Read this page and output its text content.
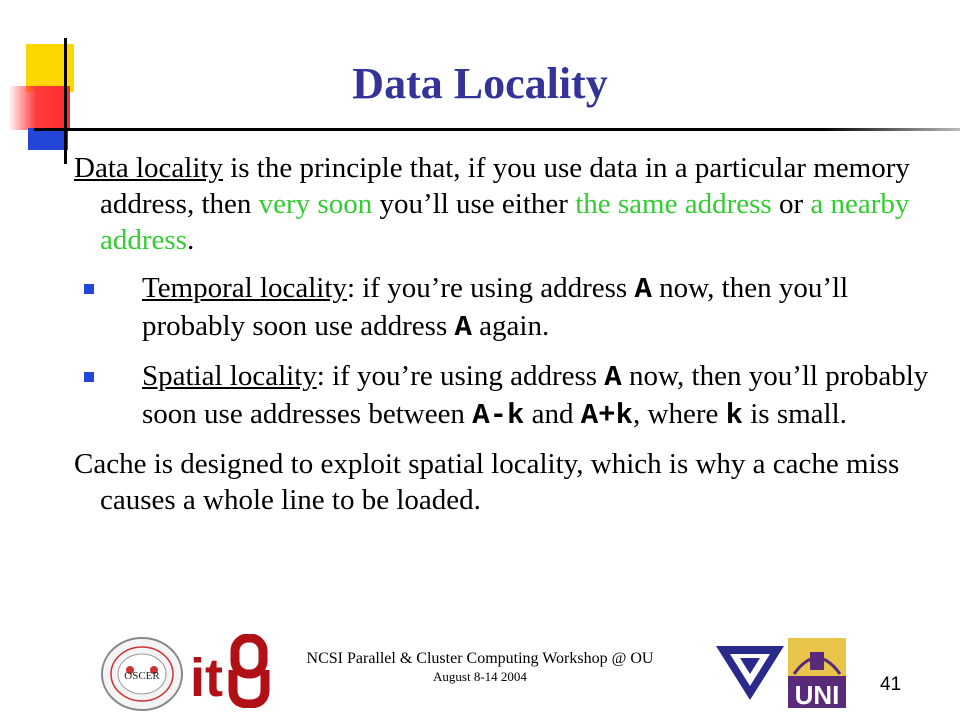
Data Locality

Data locality is the principle that, if you use data in a particular memory address, then very soon you’ll use either the same address or a nearby address.

Temporal locality: if you’re using address A now, then you’ll probably soon use address A again.
Spatial locality: if you’re using address A now, then you’ll probably soon use addresses between A-k and A+k, where k is small.

Cache is designed to exploit spatial locality, which is why a cache miss causes a whole line to be loaded.

OSCER it	UNI
NCSI Parallel & Cluster Computing Workshop @ OU
August 8-14 2004	41
